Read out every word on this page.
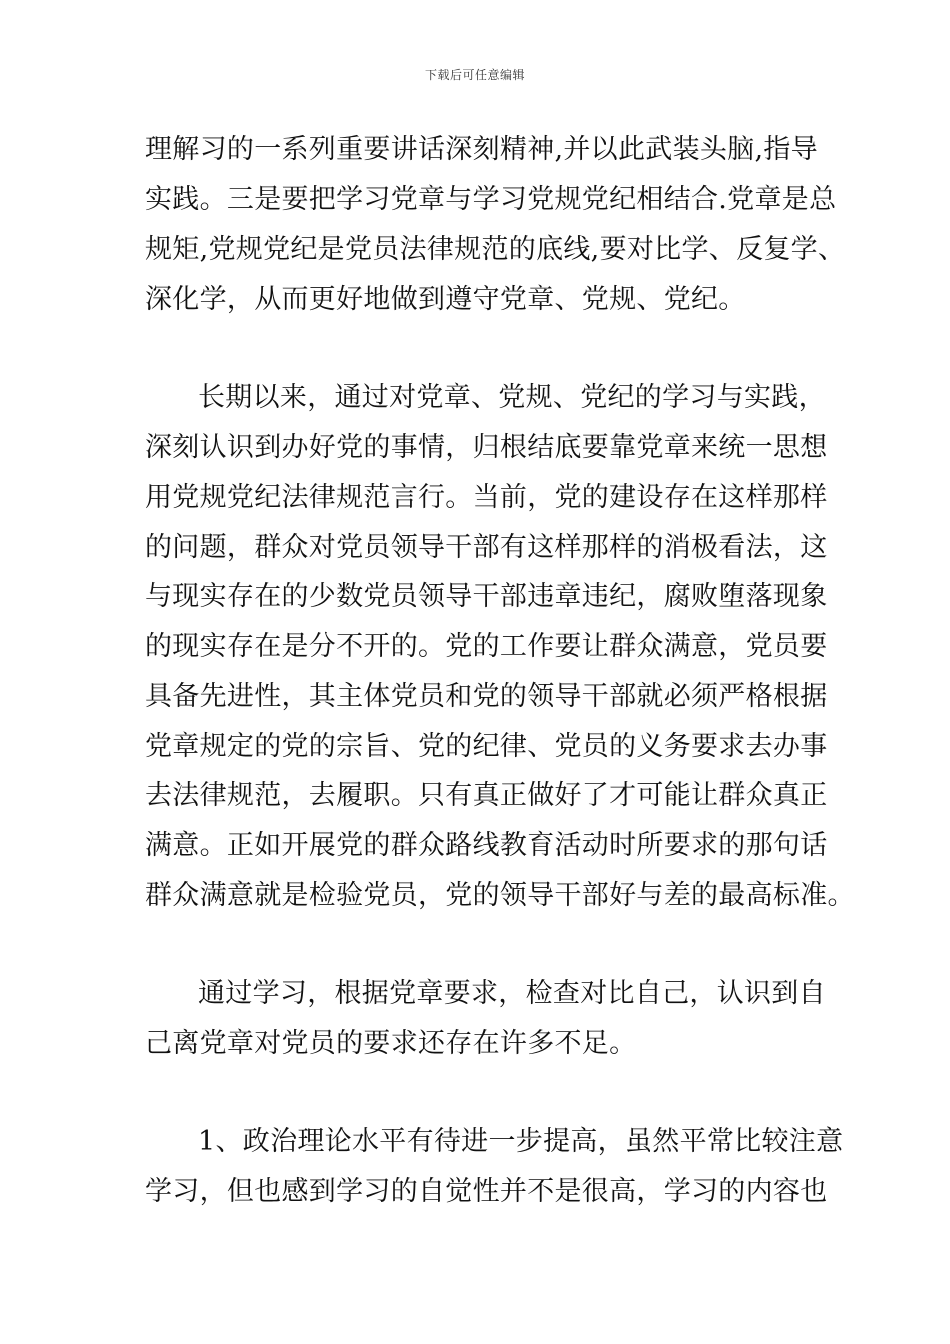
下载后可任意编辑
理解习的一系列重要讲话深刻精神,并以此武装头脑,指导
实践。三是要把学习党章与学习党规党纪相结合.党章是总
规矩,党规党纪是党员法律规范的底线,要对比学、反复学、
深化学，从而更好地做到遵守党章、党规、党纪。
长期以来，通过对党章、党规、党纪的学习与实践，
深刻认识到办好党的事情，归根结底要靠党章来统一思想
用党规党纪法律规范言行。当前，党的建设存在这样那样
的问题，群众对党员领导干部有这样那样的消极看法，这
与现实存在的少数党员领导干部违章违纪，腐败堕落现象
的现实存在是分不开的。党的工作要让群众满意，党员要
具备先进性，其主体党员和党的领导干部就必须严格根据
党章规定的党的宗旨、党的纪律、党员的义务要求去办事
去法律规范，去履职。只有真正做好了才可能让群众真正
满意。正如开展党的群众路线教育活动时所要求的那句话
群众满意就是检验党员，党的领导干部好与差的最高标准。
通过学习，根据党章要求，检查对比自己，认识到自
己离党章对党员的要求还存在许多不足。
1、政治理论水平有待进一步提高，虽然平常比较注意
学习，但也感到学习的自觉性并不是很高，学习的内容也
